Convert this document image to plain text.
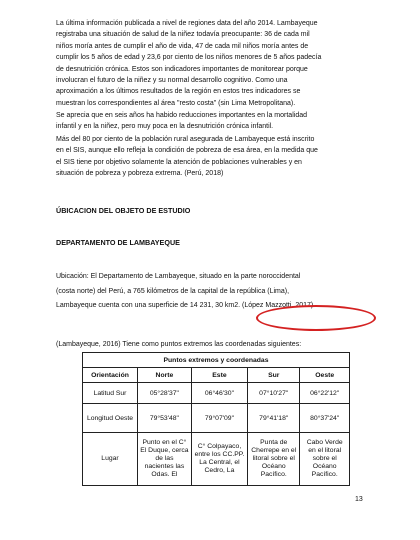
La última información publicada a nivel de regiones data del año 2014. Lambayeque
registraba una situación de salud de la niñez todavía preocupante: 36 de cada mil
niños moría antes de cumplir el año de vida, 47 de cada mil niños moría antes de
cumplir los 5 años de edad y 23,6 por ciento de los niños menores de 5 años padecía
de desnutrición crónica. Estos son indicadores importantes de monitorear porque
involucran el futuro de la niñez y su normal desarrollo cognitivo. Como una
aproximación a los últimos resultados de la región en estos tres indicadores se
muestran los correspondientes al área "resto costa" (sin Lima Metropolitana).
Se aprecia que en seis años ha habido reducciones importantes en la mortalidad
infantil y en la niñez, pero muy poca en la desnutrición crónica infantil.
Más del 80 por ciento de la población rural asegurada de Lambayeque está inscrito
en el SIS, aunque ello refleja la condición de pobreza de esa área, en la medida que
el SIS tiene por objetivo solamente la atención de poblaciones vulnerables y en
situación de pobreza y pobreza extrema. (Perú, 2018)
ÚBICACION DEL OBJETO DE ESTUDIO
DEPARTAMENTO DE LAMBAYEQUE
Ubicación: El Departamento de Lambayeque, situado en la parte noroccidental
(costa norte) del Perú, a 765 kilómetros de la capital de la república (Lima),
Lambayeque cuenta con una superficie de 14 231, 30 km2. (López Mazzotti, 2017)
(Lambayeque, 2016) Tiene como puntos extremos las coordenadas siguientes:
Puntos extremos y coordenadas				
Orientación	Norte	Este	Sur	Oeste
Latitud Sur	05°28'37"	06°46'30"	07°10'27"	06°22'12"
Longitud Oeste	79°53'48"	79°07'09"	79°41'18"	80°37'24"
Lugar	Punto en el C° El Duque, cerca de las nacientes las Odas. El	C° Colpayaco, entre los CC.PP. La Central, el Cedro, La	Punta de Cherrepe en el litoral sobre el Océano Pacífico.	Cabo Verde en el litoral sobre el Océano Pacífico.
13
